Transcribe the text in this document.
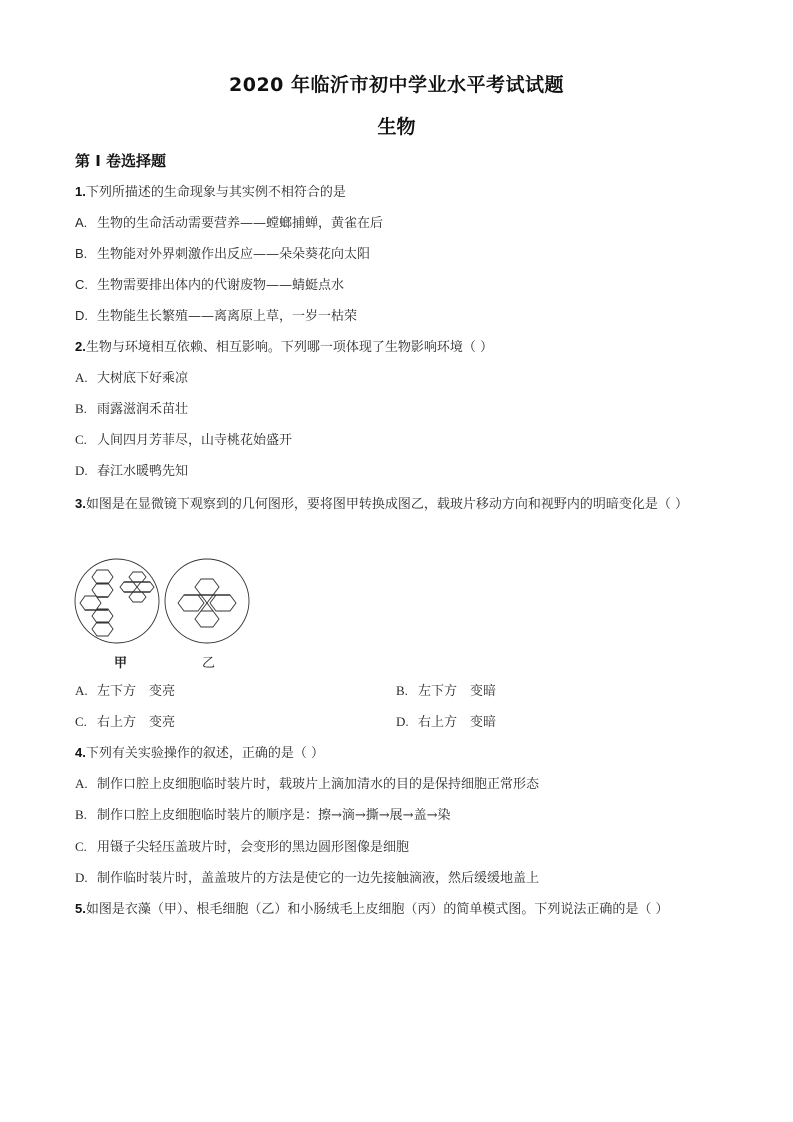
2020 年临沂市初中学业水平考试试题
生物
第 I 卷选择题
1.下列所描述的生命现象与其实例不相符合的是
A. 生物的生命活动需要营养——螳螂捕蝉，黄雀在后
B. 生物能对外界刺激作出反应——朵朵葵花向太阳
C. 生物需要排出体内的代谢废物——蜻蜓点水
D. 生物能生长繁殖——离离原上草，一岁一枯荣
2.生物与环境相互依赖、相互影响。下列哪一项体现了生物影响环境（ ）
A. 大树底下好乘凉
B. 雨露滋润禾苗壮
C. 人间四月芳菲尽，山寺桃花始盛开
D. 春江水暖鸭先知
3.如图是在显微镜下观察到的几何图形，要将图甲转换成图乙，载玻片移动方向和视野内的明暗变化是（ ）
甲	乙
A. 左下方　变亮	B. 左下方　变暗
C. 右上方　变亮	D. 右上方　变暗
4.下列有关实验操作的叙述，正确的是（ ）
A. 制作口腔上皮细胞临时装片时，载玻片上滴加清水的目的是保持细胞正常形态
B. 制作口腔上皮细胞临时装片的顺序是：擦→滴→撕→展→盖→染
C. 用镊子尖轻压盖玻片时，会变形的黑边圆形图像是细胞
D. 制作临时装片时，盖盖玻片的方法是使它的一边先接触滴液，然后缓缓地盖上
5.如图是衣藻（甲）、根毛细胞（乙）和小肠绒毛上皮细胞（丙）的简单模式图。下列说法正确的是（ ）
